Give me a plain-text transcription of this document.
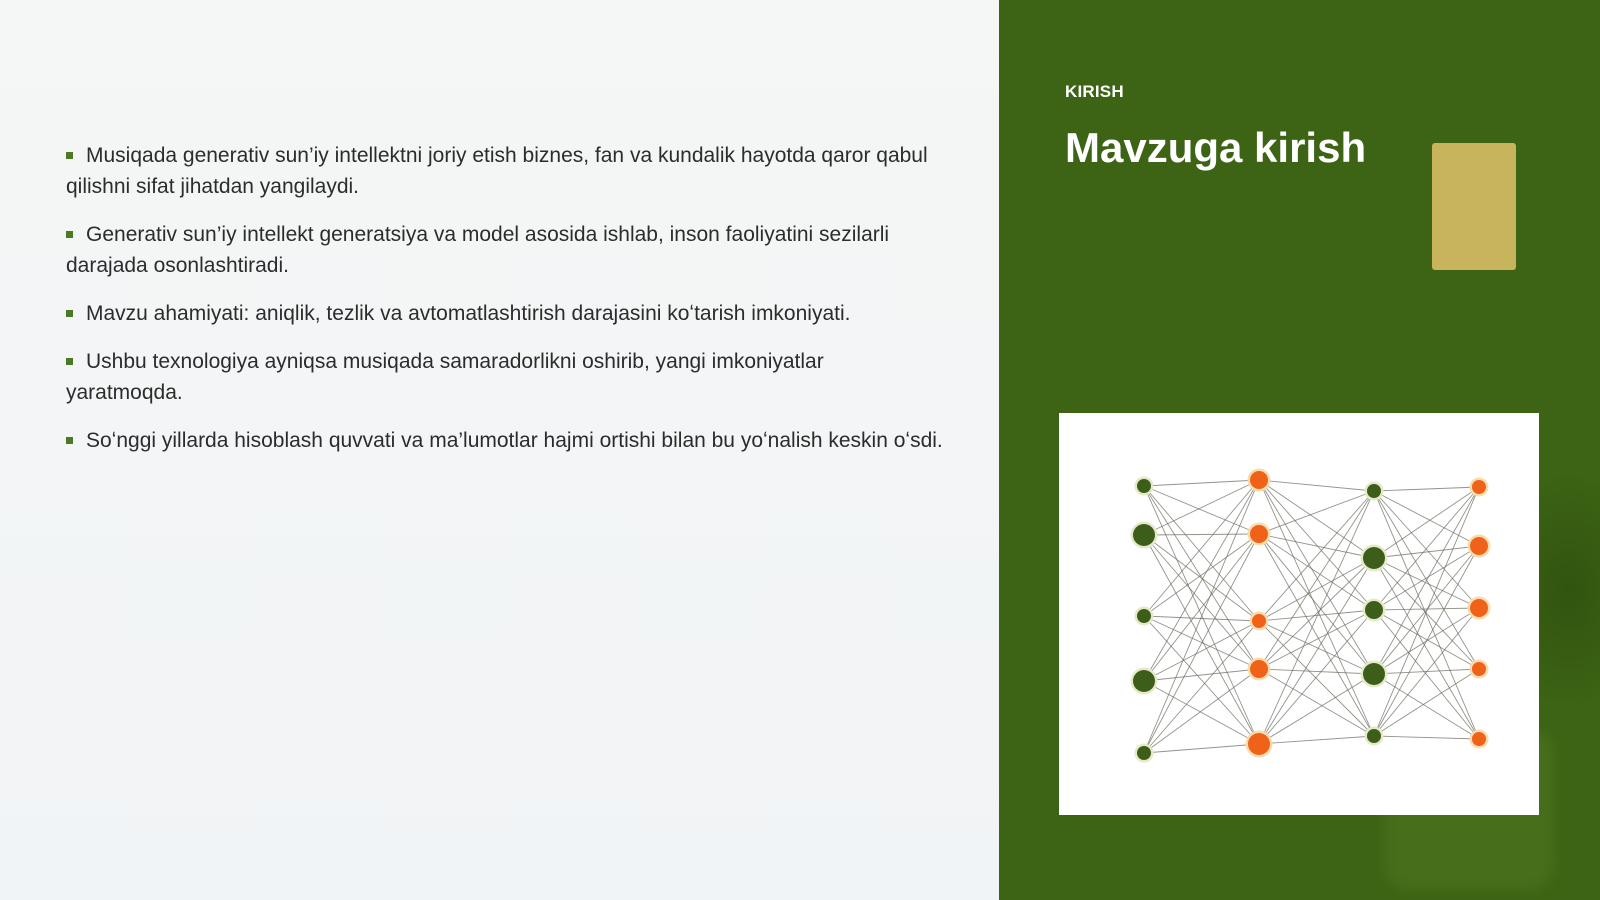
Musiqada generativ sun’iy intellektni joriy etish biznes, fan va kundalik hayotda qaror qabul qilishni sifat jihatdan yangilaydi.
Generativ sun’iy intellekt generatsiya va model asosida ishlab, inson faoliyatini sezilarli darajada osonlashtiradi.
Mavzu ahamiyati: aniqlik, tezlik va avtomatlashtirish darajasini koʻtarish imkoniyati.
Ushbu texnologiya ayniqsa musiqada samaradorlikni oshirib, yangi imkoniyatlar yaratmoqda.
Soʻnggi yillarda hisoblash quvvati va ma’lumotlar hajmi ortishi bilan bu yoʻnalish keskin oʻsdi.
KIRISH
Mavzuga kirish
